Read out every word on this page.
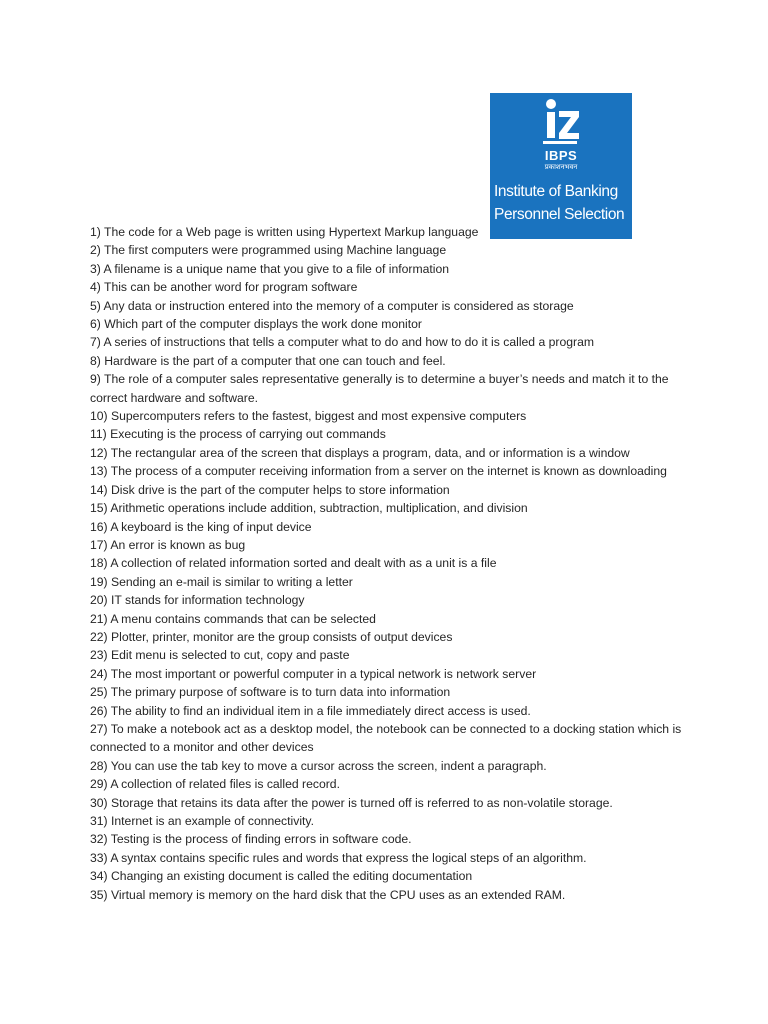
IBPS
प्रकाशनभवन
Institute of Banking
Personnel Selection
1) The code for a Web page is written using Hypertext Markup language
2) The first computers were programmed using Machine language
3) A filename is a unique name that you give to a file of information
4) This can be another word for program software
5) Any data or instruction entered into the memory of a computer is considered as storage
6) Which part of the computer displays the work done monitor
7) A series of instructions that tells a computer what to do and how to do it is called a program
8) Hardware is the part of a computer that one can touch and feel.
9) The role of a computer sales representative generally is to determine a buyer’s needs and match it to the correct hardware and software.
10) Supercomputers refers to the fastest, biggest and most expensive computers
11) Executing is the process of carrying out commands
12) The rectangular area of the screen that displays a program, data, and or information is a window
13) The process of a computer receiving information from a server on the internet is known as downloading
14) Disk drive is the part of the computer helps to store information
15) Arithmetic operations include addition, subtraction, multiplication, and division
16) A keyboard is the king of input device
17) An error is known as bug
18) A collection of related information sorted and dealt with as a unit is a file
19) Sending an e-mail is similar to writing a letter
20) IT stands for information technology
21) A menu contains commands that can be selected
22) Plotter, printer, monitor are the group consists of output devices
23) Edit menu is selected to cut, copy and paste
24) The most important or powerful computer in a typical network is network server
25) The primary purpose of software is to turn data into information
26) The ability to find an individual item in a file immediately direct access is used.
27) To make a notebook act as a desktop model, the notebook can be connected to a docking station which is connected to a monitor and other devices
28) You can use the tab key to move a cursor across the screen, indent a paragraph.
29) A collection of related files is called record.
30) Storage that retains its data after the power is turned off is referred to as non-volatile storage.
31) Internet is an example of connectivity.
32) Testing is the process of finding errors in software code.
33) A syntax contains specific rules and words that express the logical steps of an algorithm.
34) Changing an existing document is called the editing documentation
35) Virtual memory is memory on the hard disk that the CPU uses as an extended RAM.
